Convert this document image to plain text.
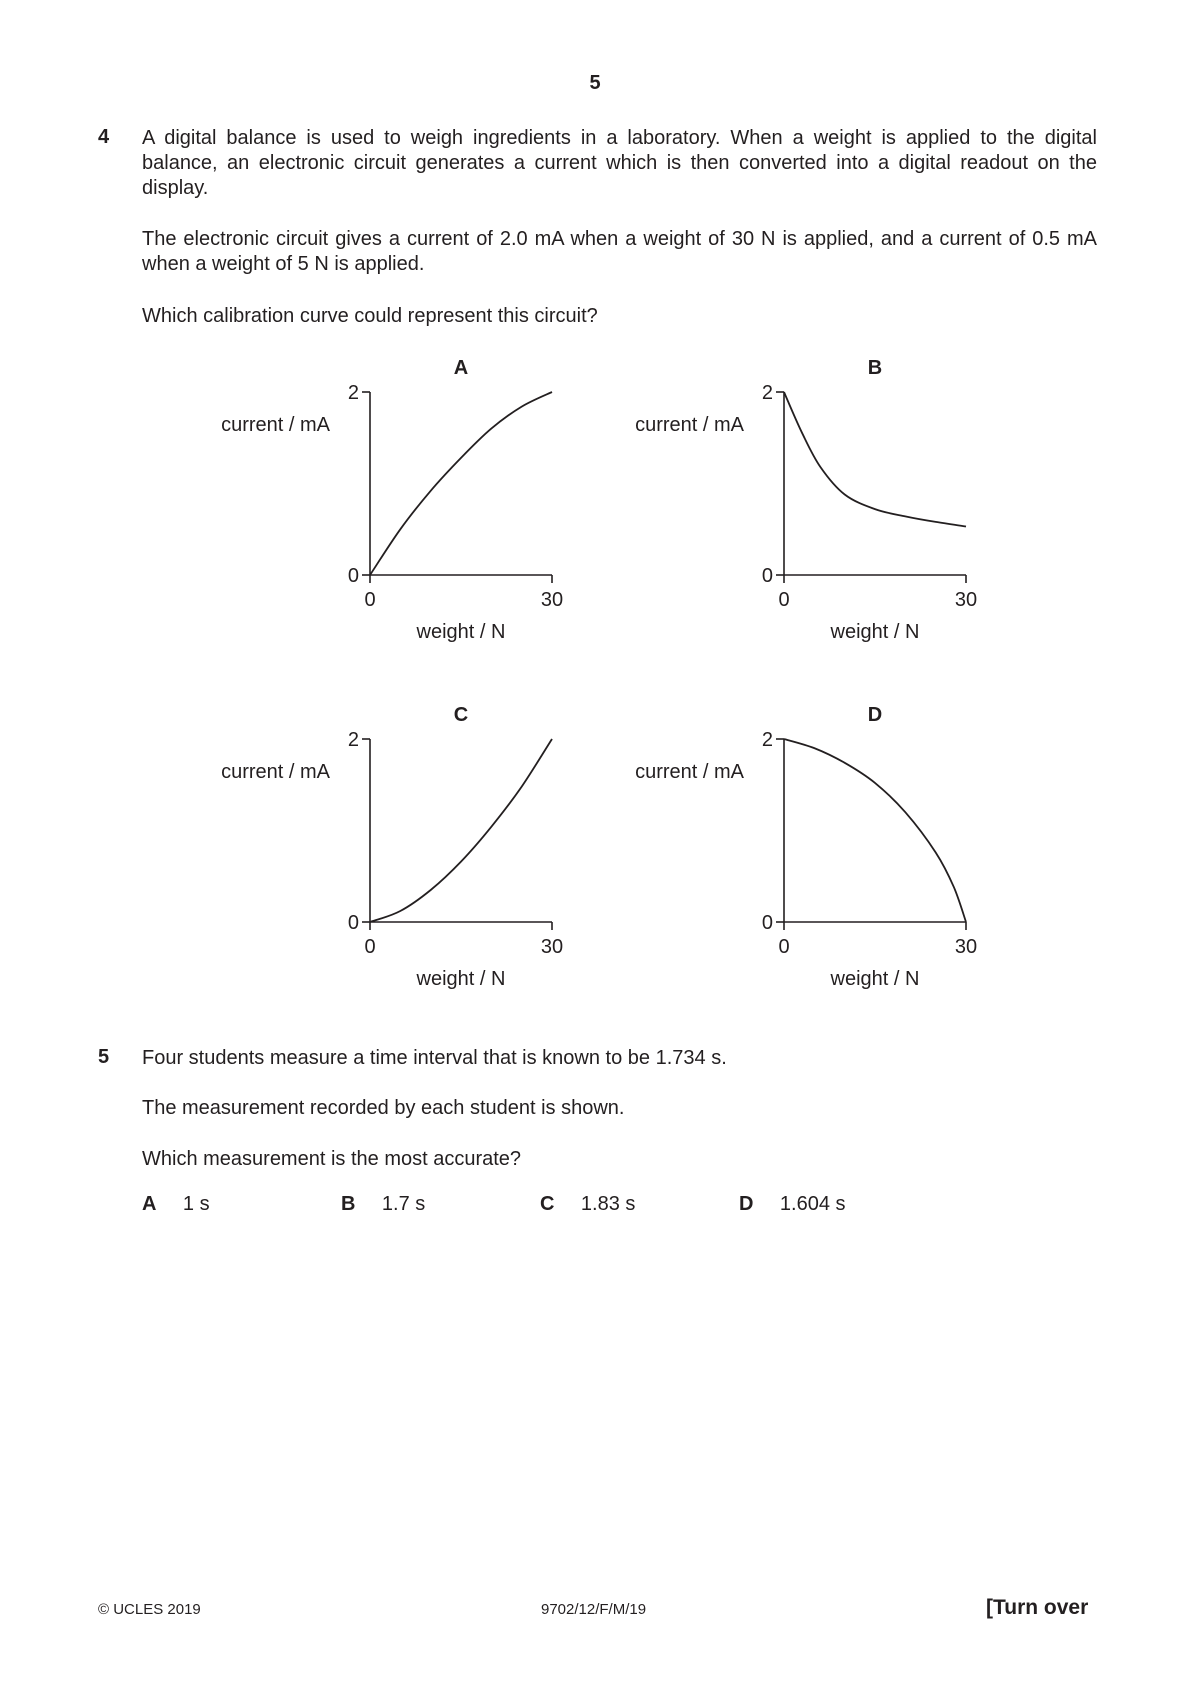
5
4 A digital balance is used to weigh ingredients in a laboratory. When a weight is applied to the digital balance, an electronic circuit generates a current which is then converted into a digital readout on the display.
The electronic circuit gives a current of 2.0 mA when a weight of 30 N is applied, and a current of 0.5 mA when a weight of 5 N is applied.
Which calibration curve could represent this circuit?
2
0
0	30
current / mA
weight / N
A
2
0
0	30
current / mA
weight / N
B
2
0
0	30
current / mA
weight / N
C
2
0
0	30
current / mA
weight / N
D
5 Four students measure a time interval that is known to be 1.734 s.
The measurement recorded by each student is shown.
Which measurement is the most accurate?
A 1 s	B 1.7 s	C 1.83 s	D 1.604 s
© UCLES 2019	9702/12/F/M/19	[Turn over
